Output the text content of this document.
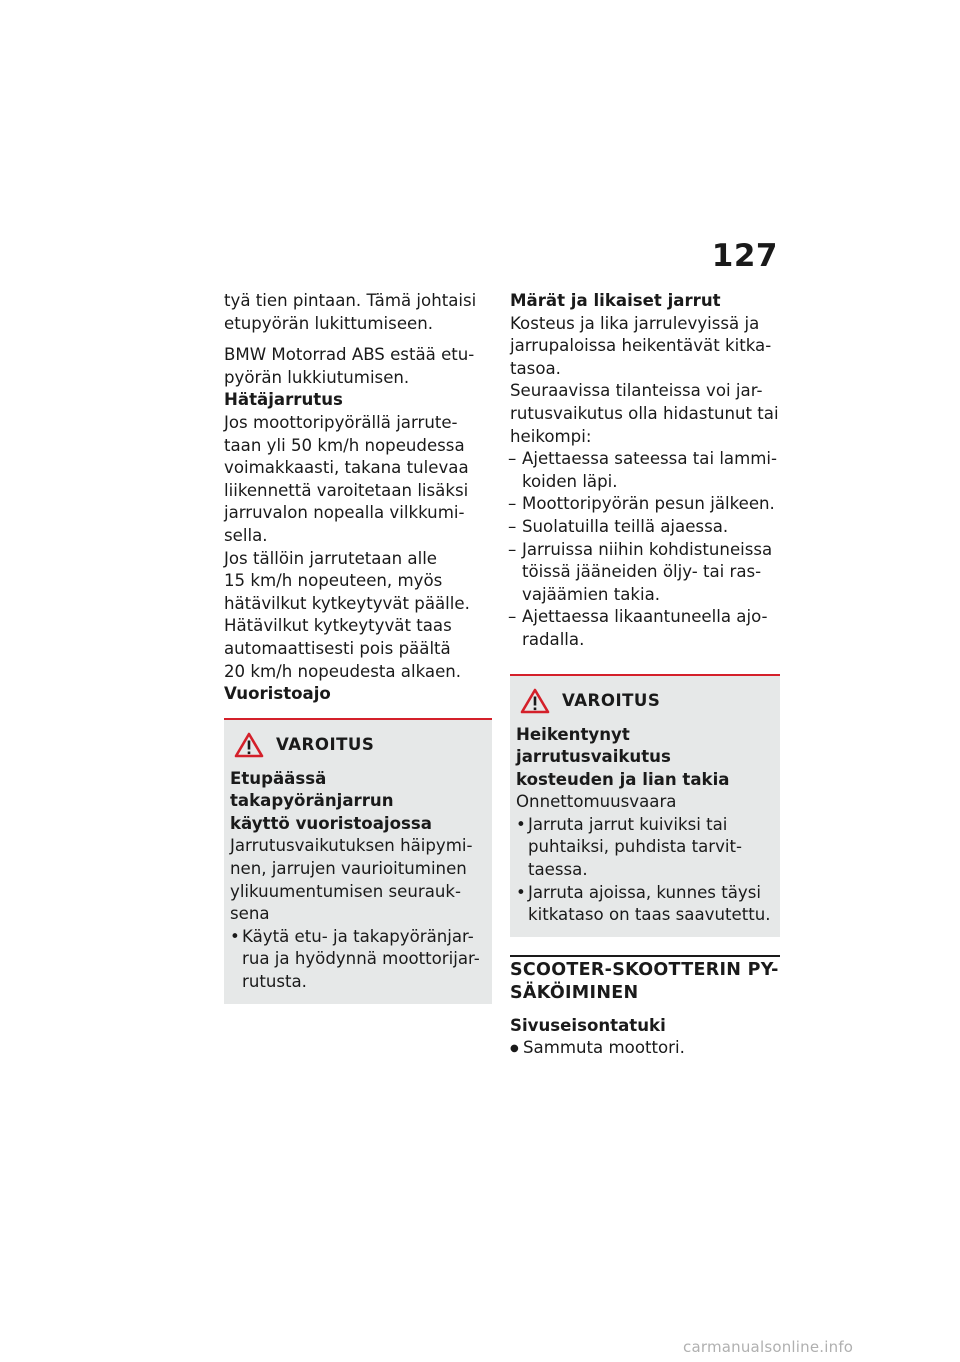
127

tyä tien pintaan. Tämä johtaisi
etupyörän lukittumiseen.

BMW Motorrad ABS estää etu-
pyörän lukkiutumisen.

Hätäjarrutus

Jos moottoripyörällä jarrute-
taan yli 50 km/h nopeudessa
voimakkaasti, takana tulevaa
liikennettä varoitetaan lisäksi
jarruvalon nopealla vilkkumi-
sella.

Jos tällöin jarrutetaan alle
15 km/h nopeuteen, myös
hätävilkut kytkeytyvät päälle.
Hätävilkut kytkeytyvät taas
automaattisesti pois päältä
20 km/h nopeudesta alkaen.

Vuoristoajo
VAROITUS

Etupäässä takapyöränjarrun
käyttö vuoristoajossa

Jarrutusvaikutuksen häipymi-
nen, jarrujen vaurioituminen
ylikuumentumisen seurauk-
sena

• Käytä etu- ja takapyöränjar-
rua ja hyödynnä moottorijar-
rutusta.
Märät ja likaiset jarrut

Kosteus ja lika jarrulevyissä ja
jarrupaloissa heikentävät kitka-
tasoa.

Seuraavissa tilanteissa voi jar-
rutusvaikutus olla hidastunut tai
heikompi:

– Ajettaessa sateessa tai lammi-
koiden läpi.
– Moottoripyörän pesun jälkeen.
– Suolatuilla teillä ajaessa.
– Jarruissa niihin kohdistuneissa
töissä jääneiden öljy- tai ras-
vajäämien takia.
– Ajettaessa likaantuneella ajo-
radalla.
VAROITUS

Heikentynyt jarrutusvaikutus
kosteuden ja lian takia

Onnettomuusvaara

• Jarruta jarrut kuiviksi tai
puhtaiksi, puhdista tarvit-
taessa.
• Jarruta ajoissa, kunnes täysi
kitkataso on taas saavutettu.
SCOOTER-SKOOTTERIN PY-
SÄKÖIMINEN
Sivuseisontatuki
● Sammuta moottori.
carmanualsonline.info
